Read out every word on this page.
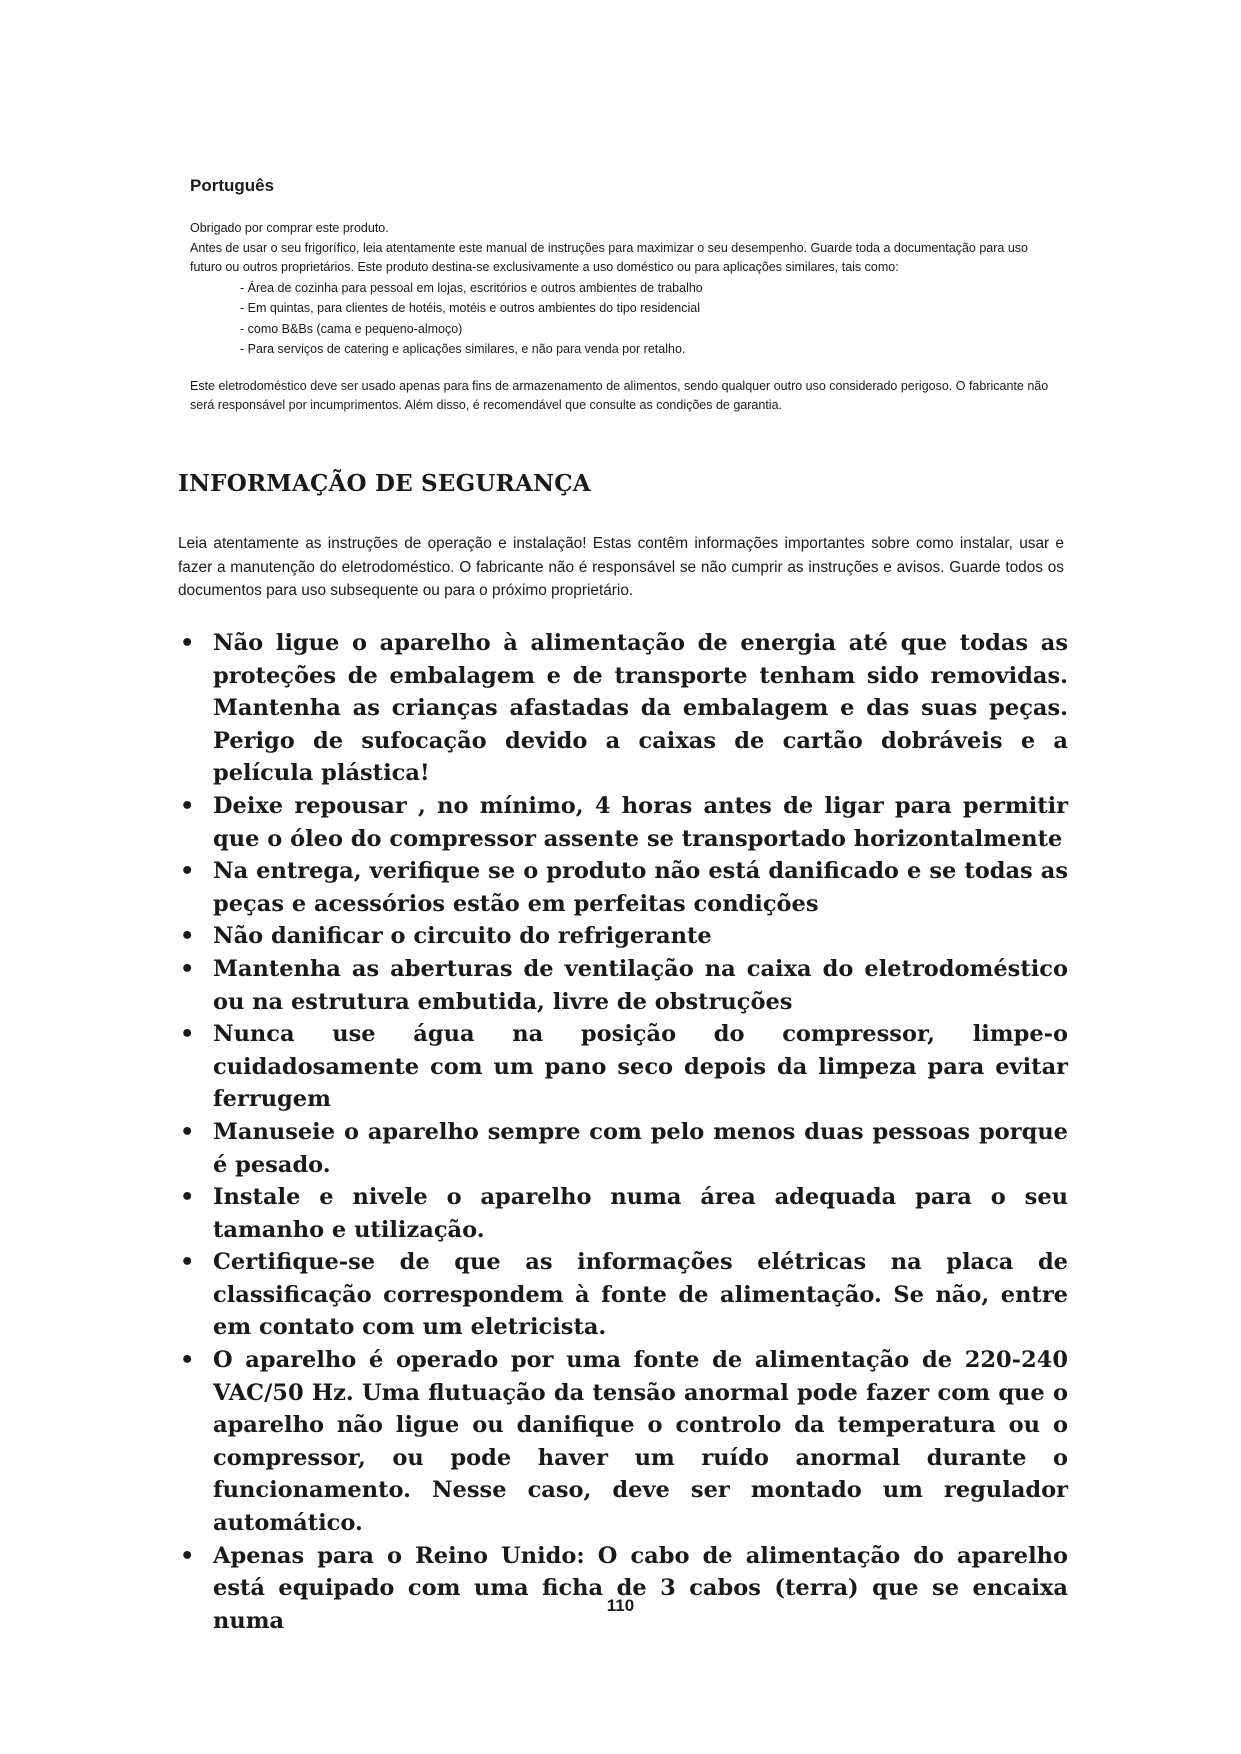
Português

Obrigado por comprar este produto.

Antes de usar o seu frigorífico, leia atentamente este manual de instruções para maximizar o seu desempenho. Guarde toda a documentação para uso futuro ou outros proprietários. Este produto destina-se exclusivamente a uso doméstico ou para aplicações similares, tais como:

- Área de cozinha para pessoal em lojas, escritórios e outros ambientes de trabalho
- Em quintas, para clientes de hotéis, motéis e outros ambientes do tipo residencial
- como B&Bs (cama e pequeno-almoço)
- Para serviços de catering e aplicações similares, e não para venda por retalho.

Este eletrodoméstico deve ser usado apenas para fins de armazenamento de alimentos, sendo qualquer outro uso considerado perigoso. O fabricante não será responsável por incumprimentos. Além disso, é recomendável que consulte as condições de garantia.

INFORMAÇÃO DE SEGURANÇA
Leia atentamente as instruções de operação e instalação! Estas contêm informações importantes sobre como instalar, usar e fazer a manutenção do eletrodoméstico. O fabricante não é responsável se não cumprir as instruções e avisos. Guarde todos os documentos para uso subsequente ou para o próximo proprietário.
• Não ligue o aparelho à alimentação de energia até que todas as proteções de embalagem e de transporte tenham sido removidas. Mantenha as crianças afastadas da embalagem e das suas peças. Perigo de sufocação devido a caixas de cartão dobráveis e a película plástica!
• Deixe repousar , no mínimo, 4 horas antes de ligar para permitir que o óleo do compressor assente se transportado horizontalmente
• Na entrega, verifique se o produto não está danificado e se todas as peças e acessórios estão em perfeitas condições
• Não danificar o circuito do refrigerante
• Mantenha as aberturas de ventilação na caixa do eletrodoméstico ou na estrutura embutida, livre de obstruções
• Nunca use água na posição do compressor, limpe-o cuidadosamente com um pano seco depois da limpeza para evitar ferrugem
• Manuseie o aparelho sempre com pelo menos duas pessoas porque é pesado.
• Instale e nivele o aparelho numa área adequada para o seu tamanho e utilização.
• Certifique-se de que as informações elétricas na placa de classificação correspondem à fonte de alimentação. Se não, entre em contato com um eletricista.
• O aparelho é operado por uma fonte de alimentação de 220-240 VAC/50 Hz. Uma flutuação da tensão anormal pode fazer com que o aparelho não ligue ou danifique o controlo da temperatura ou o compressor, ou pode haver um ruído anormal durante o funcionamento. Nesse caso, deve ser montado um regulador automático.
• Apenas para o Reino Unido: O cabo de alimentação do aparelho está equipado com uma ficha de 3 cabos (terra) que se encaixa numa
110
